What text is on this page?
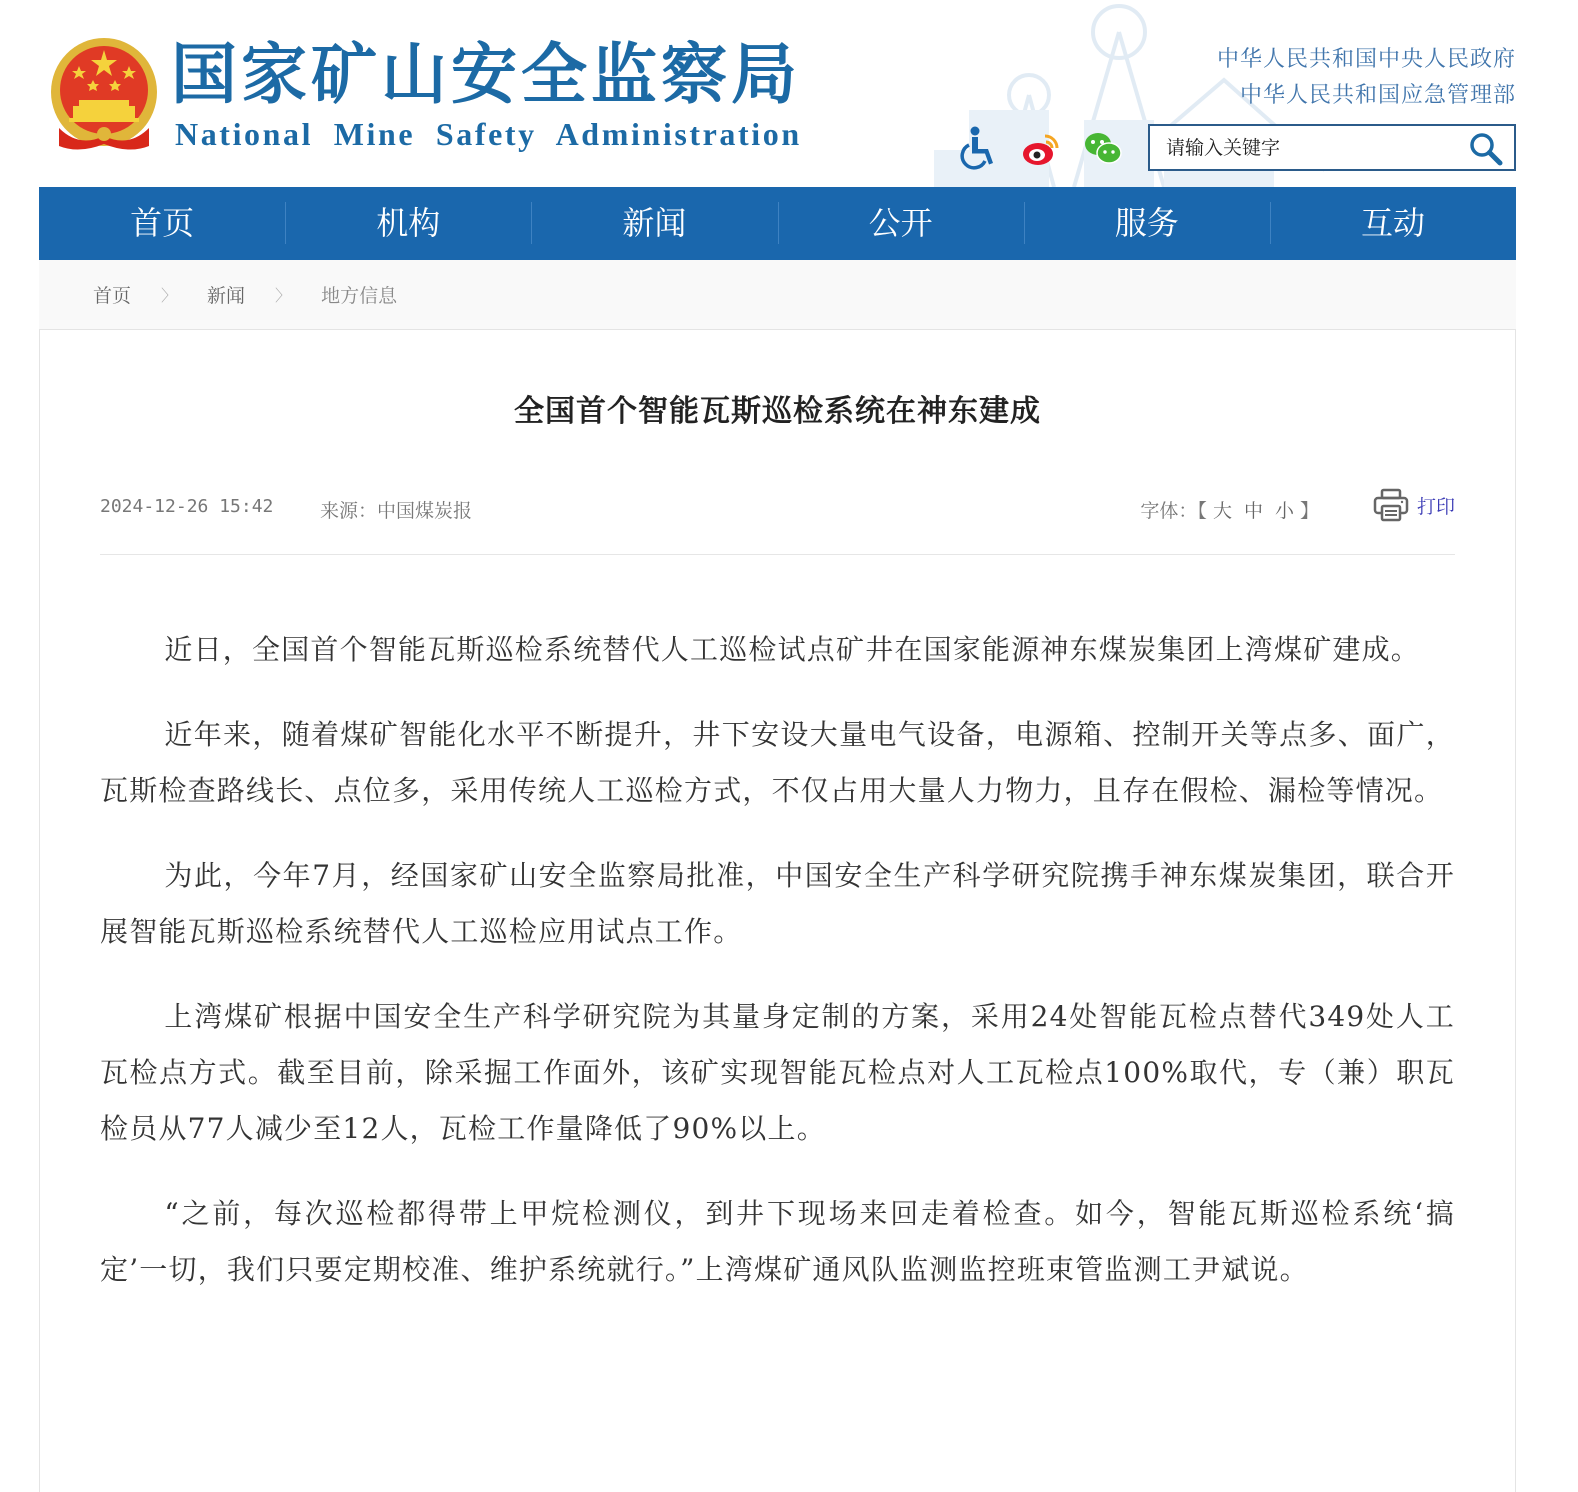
国家矿山安全监察局
National Mine Safety Administration
中华人民共和国中央人民政府
中华人民共和国应急管理部
请输入关键字
首页	机构	新闻	公开	服务	互动
首页 〉 新闻 〉 地方信息
全国首个智能瓦斯巡检系统在神东建成
2024-12-26 15:42 来源：中国煤炭报	字体：【 大 中 小 】	打印

近日，全国首个智能瓦斯巡检系统替代人工巡检试点矿井在国家能源神东煤炭集团上湾煤矿建成。

近年来，随着煤矿智能化水平不断提升，井下安设大量电气设备，电源箱、控制开关等点多、面广，瓦斯检查路线长、点位多，采用传统人工巡检方式，不仅占用大量人力物力，且存在假检、漏检等情况。

为此，今年7月，经国家矿山安全监察局批准，中国安全生产科学研究院携手神东煤炭集团，联合开展智能瓦斯巡检系统替代人工巡检应用试点工作。

上湾煤矿根据中国安全生产科学研究院为其量身定制的方案，采用24处智能瓦检点替代349处人工瓦检点方式。截至目前，除采掘工作面外，该矿实现智能瓦检点对人工瓦检点100%取代，专（兼）职瓦检员从77人减少至12人，瓦检工作量降低了90%以上。

“之前，每次巡检都得带上甲烷检测仪，到井下现场来回走着检查。如今，智能瓦斯巡检系统‘搞定’一切，我们只要定期校准、维护系统就行。”上湾煤矿通风队监测监控班束管监测工尹斌说。
